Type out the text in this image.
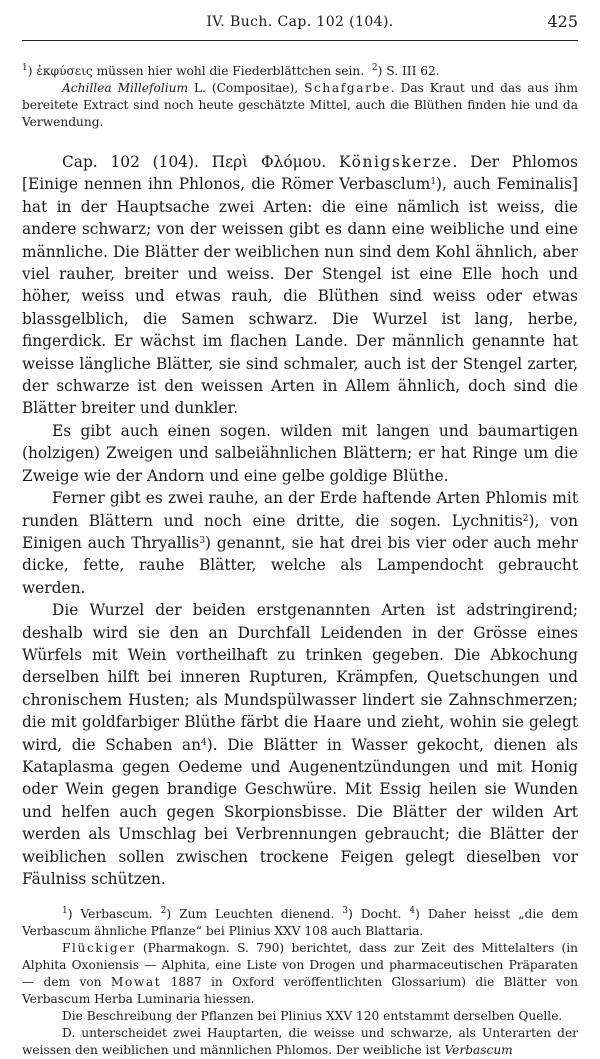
IV. Buch. Cap. 102 (104).	425

$^1$) ἐκφύσεις müssen hier wohl die Fiederblättchen sein. $^2$) S. III 62.

Achillea Millefolium L. (Compositae), Schafgarbe. Das Kraut und das aus ihm bereitete Extract sind noch heute geschätzte Mittel, auch die Blüthen finden hie und da Verwendung.

Cap. 102 (104). Περὶ Φλόμου. Königskerze. Der Phlomos [Einige nennen ihn Phlonos, die Römer Verbasclum$^1$), auch Feminalis] hat in der Hauptsache zwei Arten: die eine nämlich ist weiss, die andere schwarz; von der weissen gibt es dann eine weibliche und eine männliche. Die Blätter der weiblichen nun sind dem Kohl ähnlich, aber viel rauher, breiter und weiss. Der Stengel ist eine Elle hoch und höher, weiss und etwas rauh, die Blüthen sind weiss oder etwas blassgelblich, die Samen schwarz. Die Wurzel ist lang, herbe, fingerdick. Er wächst im flachen Lande. Der männlich genannte hat weisse längliche Blätter, sie sind schmaler, auch ist der Stengel zarter, der schwarze ist den weissen Arten in Allem ähnlich, doch sind die Blätter breiter und dunkler.

Es gibt auch einen sogen. wilden mit langen und baumartigen (holzigen) Zweigen und salbeiähnlichen Blättern; er hat Ringe um die Zweige wie der Andorn und eine gelbe goldige Blüthe.

Ferner gibt es zwei rauhe, an der Erde haftende Arten Phlomis mit runden Blättern und noch eine dritte, die sogen. Lychnitis$^2$), von Einigen auch Thryallis$^3$) genannt, sie hat drei bis vier oder auch mehr dicke, fette, rauhe Blätter, welche als Lampendocht gebraucht werden.

Die Wurzel der beiden erstgenannten Arten ist adstringirend; deshalb wird sie den an Durchfall Leidenden in der Grösse eines Würfels mit Wein vortheilhaft zu trinken gegeben. Die Abkochung derselben hilft bei inneren Rupturen, Krämpfen, Quetschungen und chronischem Husten; als Mundspülwasser lindert sie Zahnschmerzen; die mit goldfarbiger Blüthe färbt die Haare und zieht, wohin sie gelegt wird, die Schaben $an^4$). Die Blätter in Wasser gekocht, dienen als Kataplasma gegen Oedeme und Augenentzündungen und mit Honig oder Wein gegen brandige Geschwüre. Mit Essig heilen sie Wunden und helfen auch gegen Skorpionsbisse. Die Blätter der wilden Art werden als Umschlag bei Verbrennungen gebraucht; die Blätter der weiblichen sollen zwischen trockene Feigen gelegt dieselben vor Fäulniss schützen.

$^1$) Verbascum. $^2$) Zum Leuchten dienend. $^3$) Docht. $^4$) Daher heisst „die dem Verbascum ähnliche Pflanze“ bei Plinius XXV 108 auch Blattaria.

Flückiger (Pharmakogn. S. 790) berichtet, dass zur Zeit des Mittelalters (in Alphita Oxoniensis — Alphita, eine Liste von Drogen und pharmaceutischen Präparaten — dem von Mowat 1887 in Oxford veröffentlichten Glossarium) die Blätter von Verbascum Herba Luminaria hiessen.

Die Beschreibung der Pflanzen bei Plinius XXV 120 entstammt derselben Quelle.

D. unterscheidet zwei Hauptarten, die weisse und schwarze, als Unterarten der weissen den weiblichen und männlichen Phlomos. Der weibliche ist Verbascum
